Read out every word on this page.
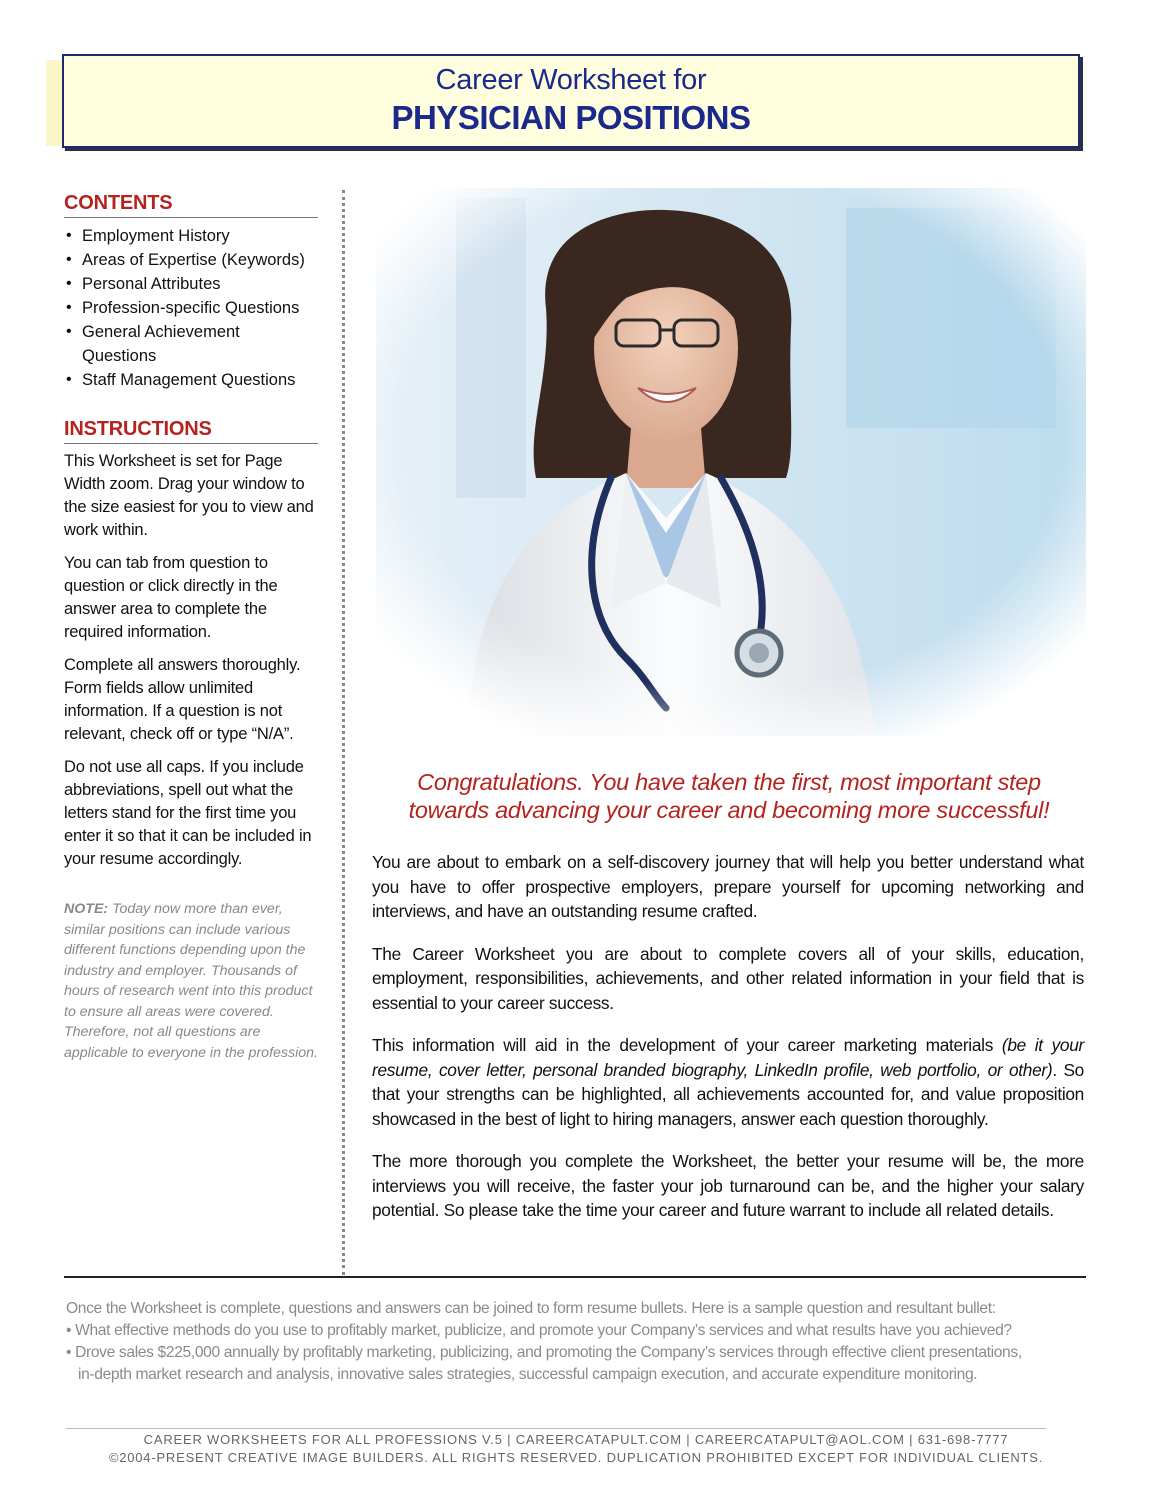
Career Worksheet for
PHYSICIAN POSITIONS
CONTENTS
• Employment History
• Areas of Expertise (Keywords)
• Personal Attributes
• Profession-specific Questions
• General Achievement Questions
• Staff Management Questions
INSTRUCTIONS

This Worksheet is set for Page Width zoom. Drag your window to the size easiest for you to view and work within.

You can tab from question to question or click directly in the answer area to complete the required information.

Complete all answers thoroughly. Form fields allow unlimited information. If a question is not relevant, check off or type “N/A”.

Do not use all caps. If you include abbreviations, spell out what the letters stand for the first time you enter it so that it can be included in your resume accordingly.

NOTE: Today now more than ever, similar positions can include various different functions depending upon the industry and employer. Thousands of hours of research went into this product to ensure all areas were covered. Therefore, not all questions are applicable to everyone in the profession.
Congratulations. You have taken the first, most important step
towards advancing your career and becoming more successful!

You are about to embark on a self-discovery journey that will help you better understand what you have to offer prospective employers, prepare yourself for upcoming networking and interviews, and have an outstanding resume crafted.

The Career Worksheet you are about to complete covers all of your skills, education, employment, responsibilities, achievements, and other related information in your field that is essential to your career success.

This information will aid in the development of your career marketing materials (be it your resume, cover letter, personal branded biography, LinkedIn profile, web portfolio, or other). So that your strengths can be highlighted, all achievements accounted for, and value proposition showcased in the best of light to hiring managers, answer each question thoroughly.

The more thorough you complete the Worksheet, the better your resume will be, the more interviews you will receive, the faster your job turnaround can be, and the higher your salary potential. So please take the time your career and future warrant to include all related details.

Once the Worksheet is complete, questions and answers can be joined to form resume bullets. Here is a sample question and resultant bullet:
• What effective methods do you use to profitably market, publicize, and promote your Company’s services and what results have you achieved?
• Drove sales $225,000 annually by profitably marketing, publicizing, and promoting the Company’s services through effective client presentations,
in-depth market research and analysis, innovative sales strategies, successful campaign execution, and accurate expenditure monitoring.
CAREER WORKSHEETS FOR ALL PROFESSIONS V.5 | CAREERCATAPULT.COM | CAREERCATAPULT@AOL.COM | 631-698-7777
©2004-PRESENT CREATIVE IMAGE BUILDERS. ALL RIGHTS RESERVED. DUPLICATION PROHIBITED EXCEPT FOR INDIVIDUAL CLIENTS.
